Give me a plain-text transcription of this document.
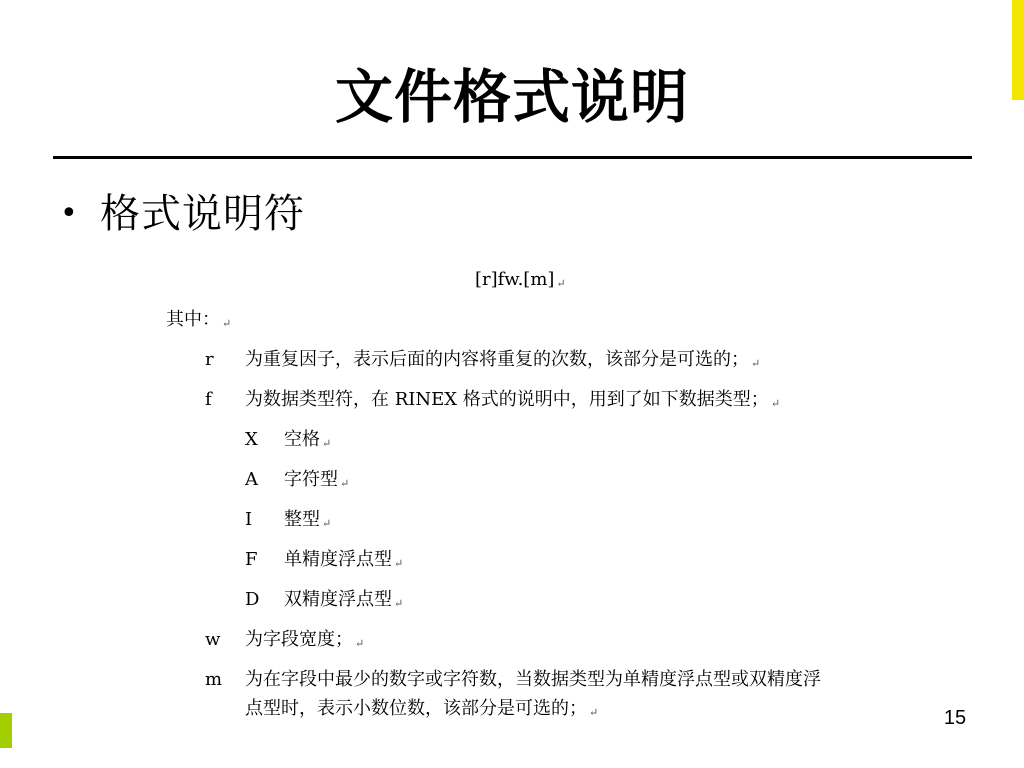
文件格式说明
• 格式说明符
[r]fw.[m] ↵
其中： ↵
r 为重复因子，表示后面的内容将重复的次数，该部分是可选的； ↵
f 为数据类型符，在 RINEX 格式的说明中，用到了如下数据类型； ↵
X 空格 ↵
A 字符型 ↵
I 整型 ↵
F 单精度浮点型 ↵
D 双精度浮点型 ↵
w 为字段宽度； ↵
m 为在字段中最少的数字或字符数，当数据类型为单精度浮点型或双精度浮
点型时，表示小数位数，该部分是可选的； ↵	15
